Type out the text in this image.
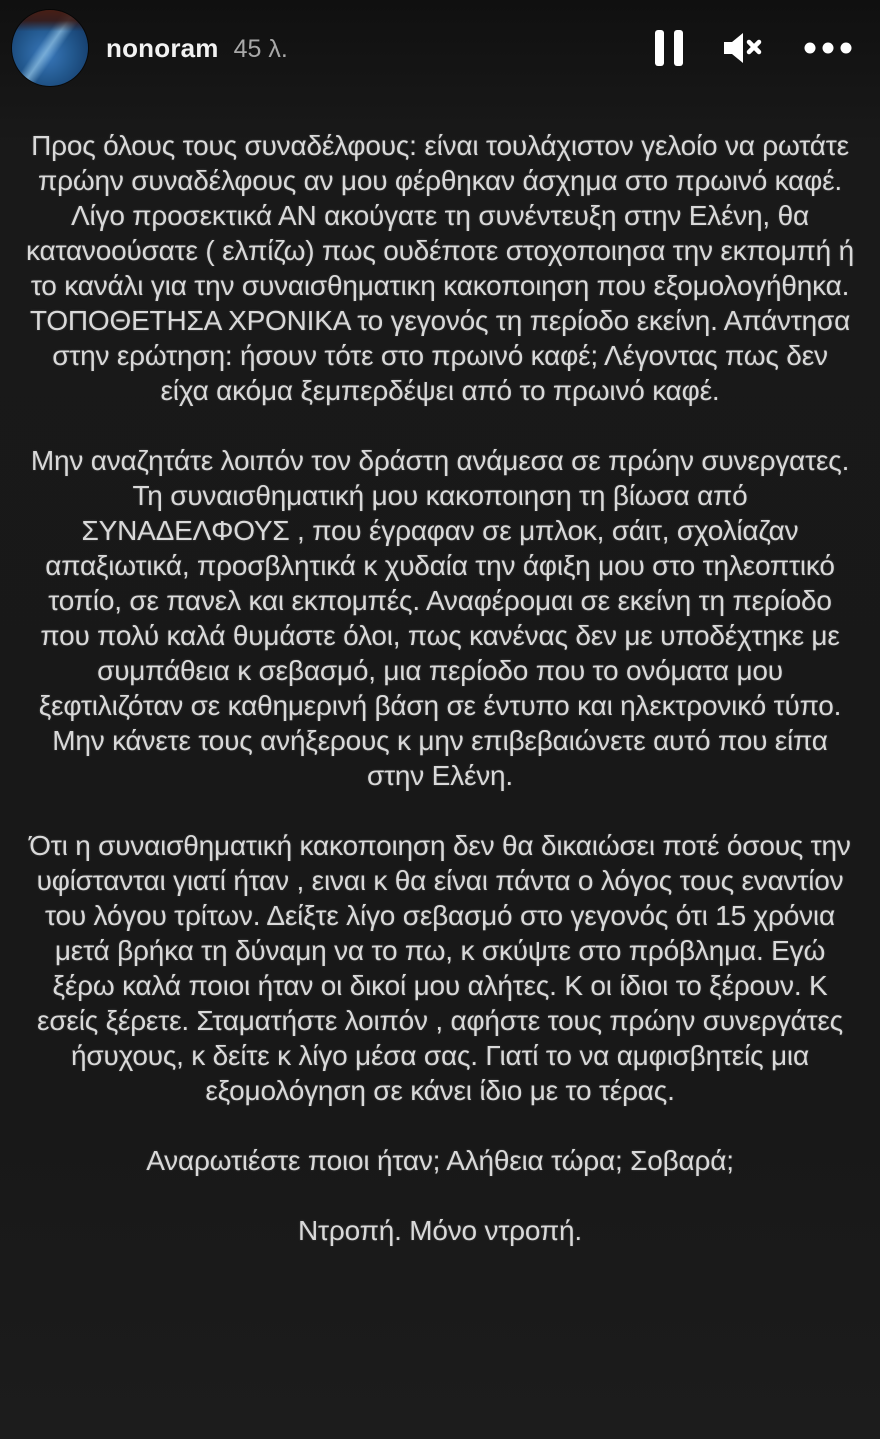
nonoram 45 λ.

Προς όλους τους συναδέλφους: είναι τουλάχιστον γελοίο να ρωτάτε πρώην συναδέλφους αν μου φέρθηκαν άσχημα στο πρωινό καφέ. Λίγο προσεκτικά ΑΝ ακούγατε τη συνέντευξη στην Ελένη, θα κατανοούσατε ( ελπίζω) πως ουδέποτε στοχοποιησα την εκπομπή ή το κανάλι για την συναισθηματικη κακοποιηση που εξομολογήθηκα. ΤΟΠΟΘΕΤΗΣΑ ΧΡΟΝΙΚΑ το γεγονός τη περίοδο εκείνη. Απάντησα στην ερώτηση: ήσουν τότε στο πρωινό καφέ; Λέγοντας πως δεν είχα ακόμα ξεμπερδέψει από το πρωινό καφέ.

Μην αναζητάτε λοιπόν τον δράστη ανάμεσα σε πρώην συνεργατες. Τη συναισθηματική μου κακοποιηση τη βίωσα από ΣΥΝΑΔΕΛΦΟΥΣ , που έγραφαν σε μπλοκ, σάιτ, σχολίαζαν απαξιωτικά, προσβλητικά κ χυδαία την άφιξη μου στο τηλεοπτικό τοπίο, σε πανελ και εκπομπές. Αναφέρομαι σε εκείνη τη περίοδο που πολύ καλά θυμάστε όλοι, πως κανένας δεν με υποδέχτηκε με συμπάθεια κ σεβασμό, μια περίοδο που το ονόματα μου ξεφτιλιζόταν σε καθημερινή βάση σε έντυπο και ηλεκτρονικό τύπο. Μην κάνετε τους ανήξερους κ μην επιβεβαιώνετε αυτό που είπα στην Ελένη.

Ότι η συναισθηματική κακοποιηση δεν θα δικαιώσει ποτέ όσους την υφίστανται γιατί ήταν , ειναι κ θα είναι πάντα ο λόγος τους εναντίον του λόγου τρίτων. Δείξτε λίγο σεβασμό στο γεγονός ότι 15 χρόνια μετά βρήκα τη δύναμη να το πω, κ σκύψτε στο πρόβλημα. Εγώ ξέρω καλά ποιοι ήταν οι δικοί μου αλήτες. Κ οι ίδιοι το ξέρουν. Κ εσείς ξέρετε. Σταματήστε λοιπόν , αφήστε τους πρώην συνεργάτες ήσυχους, κ δείτε κ λίγο μέσα σας. Γιατί το να αμφισβητείς μια εξομολόγηση σε κάνει ίδιο με το τέρας.

Αναρωτιέστε ποιοι ήταν; Αλήθεια τώρα; Σοβαρά;

Ντροπή. Μόνο ντροπή.
